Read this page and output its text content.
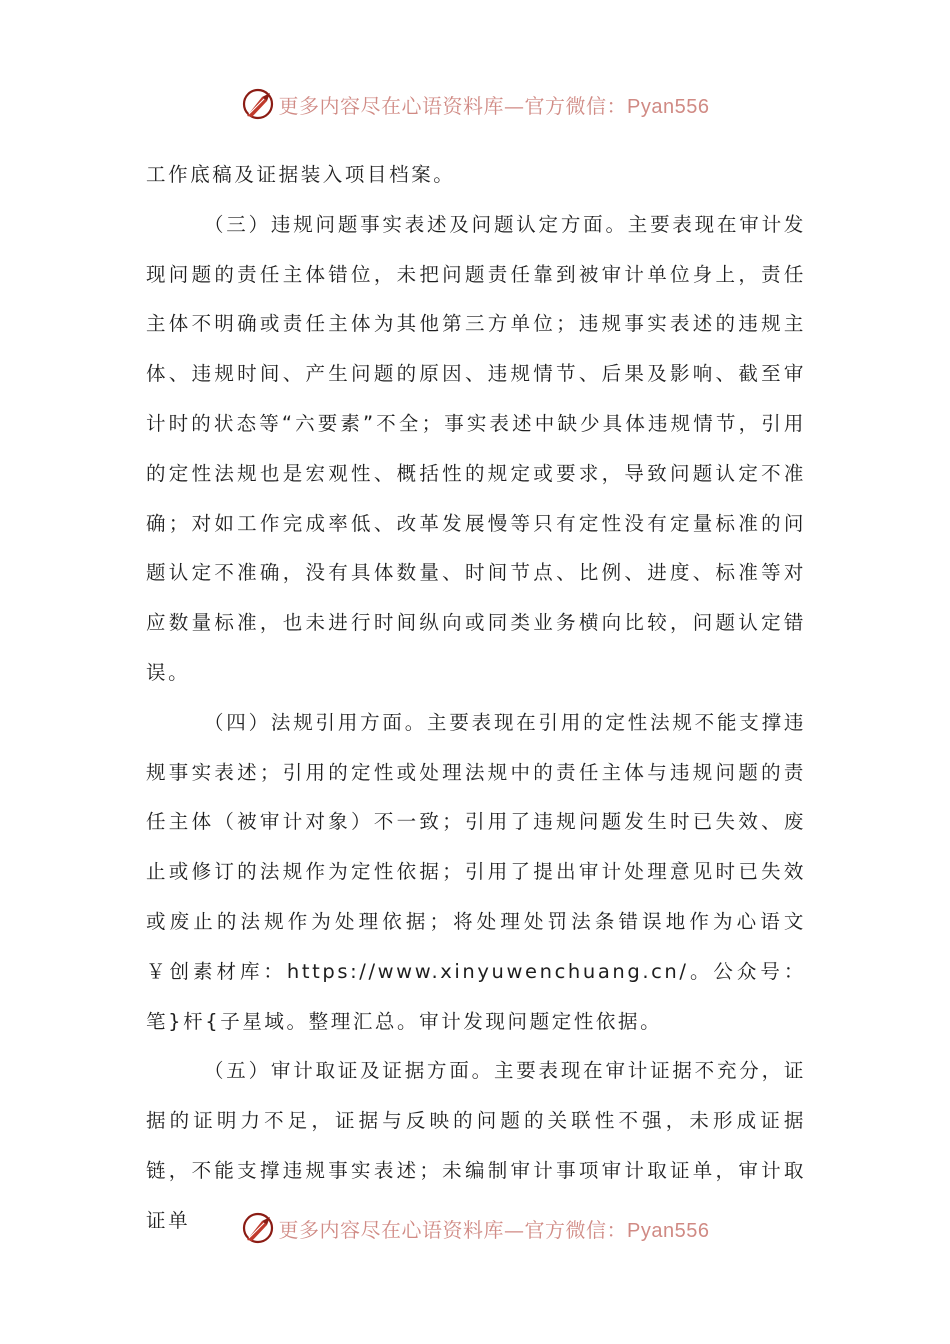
更多内容尽在心语资料库—官方微信：Pyan556

工作底稿及证据装入项目档案。

（三）违规问题事实表述及问题认定方面。主要表现在审计发现问题的责任主体错位，未把问题责任靠到被审计单位身上，责任主体不明确或责任主体为其他第三方单位；违规事实表述的违规主体、违规时间、产生问题的原因、违规情节、后果及影响、截至审计时的状态等“六要素”不全；事实表述中缺少具体违规情节，引用的定性法规也是宏观性、概括性的规定或要求，导致问题认定不准确；对如工作完成率低、改革发展慢等只有定性没有定量标准的问题认定不准确，没有具体数量、时间节点、比例、进度、标准等对应数量标准，也未进行时间纵向或同类业务横向比较，问题认定错误。

（四）法规引用方面。主要表现在引用的定性法规不能支撑违规事实表述；引用的定性或处理法规中的责任主体与违规问题的责任主体（被审计对象）不一致；引用了违规问题发生时已失效、废止或修订的法规作为定性依据；引用了提出审计处理意见时已失效或废止的法规作为处理依据；将处理处罚法条错误地作为心语文￥创素材库：https://www.xinyuwenchuang.cn/。公众号：笔}杆{子星域。整理汇总。审计发现问题定性依据。

（五）审计取证及证据方面。主要表现在审计证据不充分，证据的证明力不足，证据与反映的问题的关联性不强，未形成证据链，不能支撑违规事实表述；未编制审计事项审计取证单，审计取证单	更多内容尽在心语资料库—官方微信：Pyan556
